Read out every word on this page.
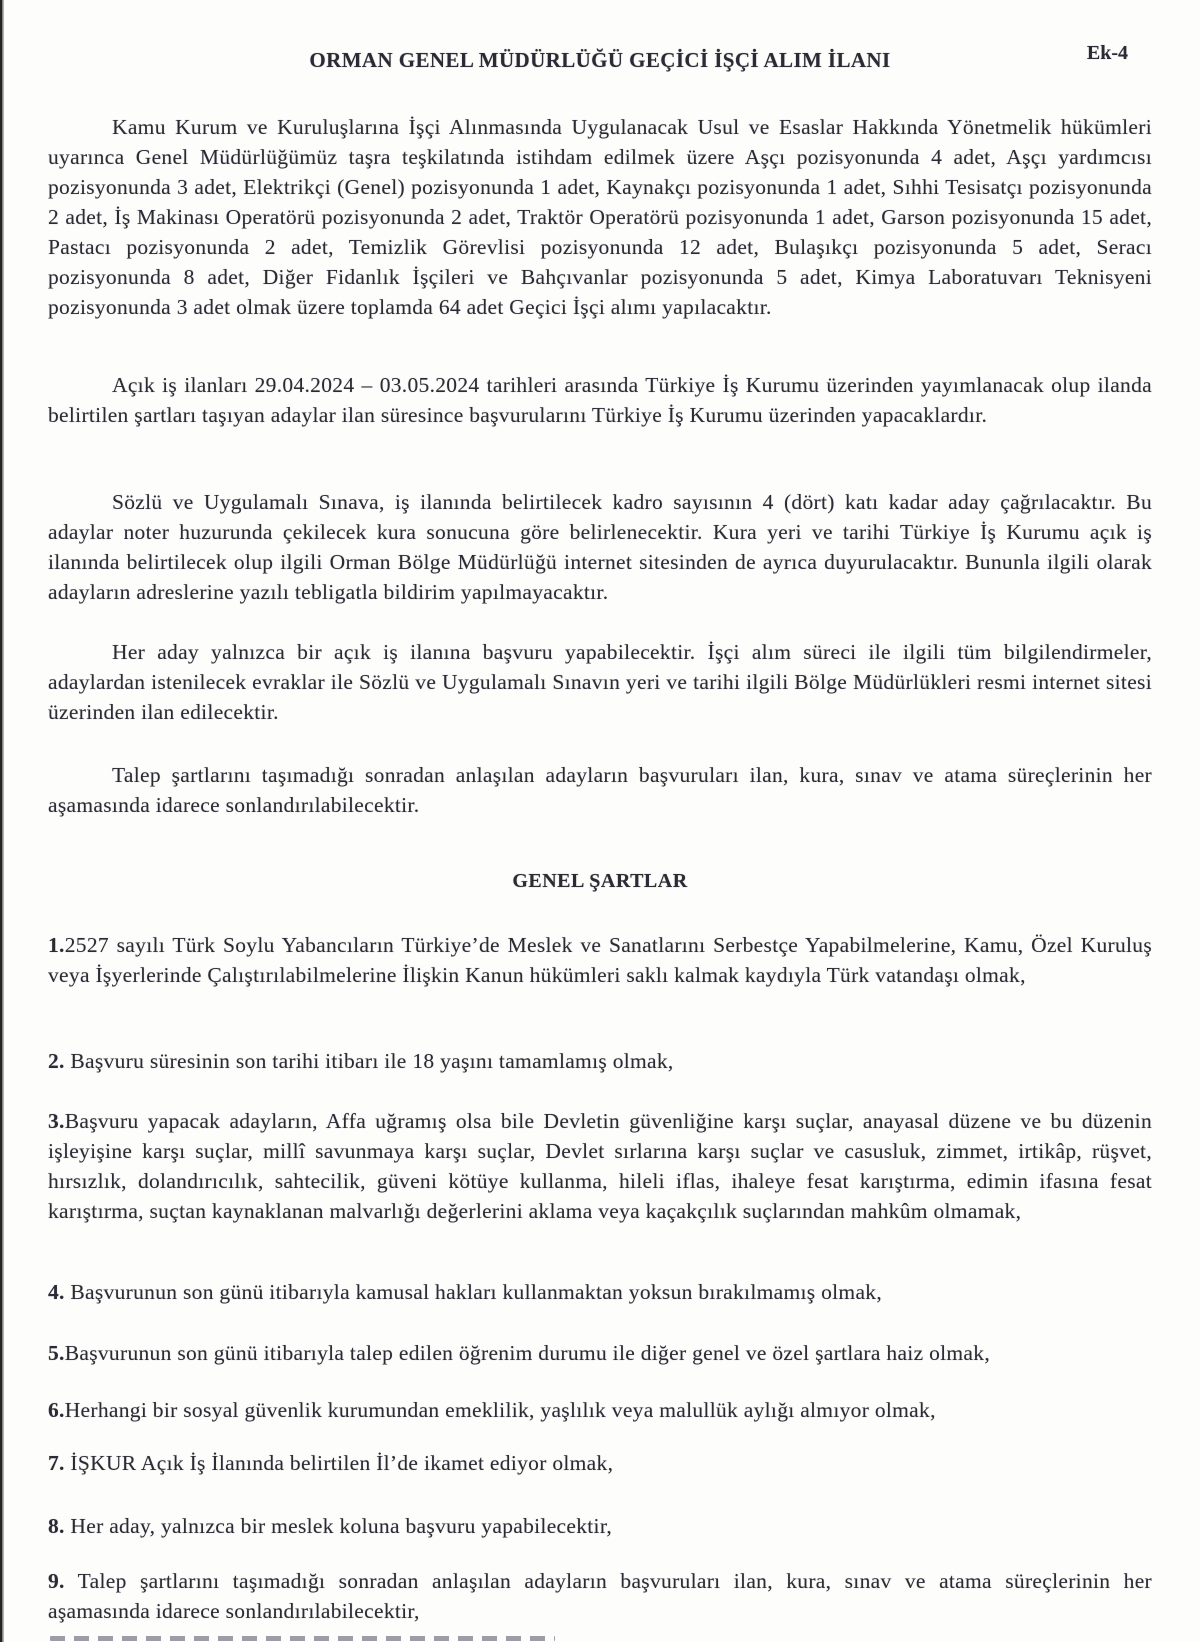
Ek-4
ORMAN GENEL MÜDÜRLÜĞÜ GEÇİCİ İŞÇİ ALIM İLANI

Kamu Kurum ve Kuruluşlarına İşçi Alınmasında Uygulanacak Usul ve Esaslar Hakkında Yönetmelik hükümleri uyarınca Genel Müdürlüğümüz taşra teşkilatında istihdam edilmek üzere Aşçı pozisyonunda 4 adet, Aşçı yardımcısı pozisyonunda 3 adet, Elektrikçi (Genel) pozisyonunda 1 adet, Kaynakçı pozisyonunda 1 adet, Sıhhi Tesisatçı pozisyonunda 2 adet, İş Makinası Operatörü pozisyonunda 2 adet, Traktör Operatörü pozisyonunda 1 adet, Garson pozisyonunda 15 adet, Pastacı pozisyonunda 2 adet, Temizlik Görevlisi pozisyonunda 12 adet, Bulaşıkçı pozisyonunda 5 adet, Seracı pozisyonunda 8 adet, Diğer Fidanlık İşçileri ve Bahçıvanlar pozisyonunda 5 adet, Kimya Laboratuvarı Teknisyeni pozisyonunda 3 adet olmak üzere toplamda 64 adet Geçici İşçi alımı yapılacaktır.

Açık iş ilanları 29.04.2024 – 03.05.2024 tarihleri arasında Türkiye İş Kurumu üzerinden yayımlanacak olup ilanda belirtilen şartları taşıyan adaylar ilan süresince başvurularını Türkiye İş Kurumu üzerinden yapacaklardır.

Sözlü ve Uygulamalı Sınava, iş ilanında belirtilecek kadro sayısının 4 (dört) katı kadar aday çağrılacaktır. Bu adaylar noter huzurunda çekilecek kura sonucuna göre belirlenecektir. Kura yeri ve tarihi Türkiye İş Kurumu açık iş ilanında belirtilecek olup ilgili Orman Bölge Müdürlüğü internet sitesinden de ayrıca duyurulacaktır. Bununla ilgili olarak adayların adreslerine yazılı tebligatla bildirim yapılmayacaktır.

Her aday yalnızca bir açık iş ilanına başvuru yapabilecektir. İşçi alım süreci ile ilgili tüm bilgilendirmeler, adaylardan istenilecek evraklar ile Sözlü ve Uygulamalı Sınavın yeri ve tarihi ilgili Bölge Müdürlükleri resmi internet sitesi üzerinden ilan edilecektir.

Talep şartlarını taşımadığı sonradan anlaşılan adayların başvuruları ilan, kura, sınav ve atama süreçlerinin her aşamasında idarece sonlandırılabilecektir.

GENEL ŞARTLAR

1.2527 sayılı Türk Soylu Yabancıların Türkiye’de Meslek ve Sanatlarını Serbestçe Yapabilmelerine, Kamu, Özel Kuruluş veya İşyerlerinde Çalıştırılabilmelerine İlişkin Kanun hükümleri saklı kalmak kaydıyla Türk vatandaşı olmak,

2. Başvuru süresinin son tarihi itibarı ile 18 yaşını tamamlamış olmak,

3.Başvuru yapacak adayların, Affa uğramış olsa bile Devletin güvenliğine karşı suçlar, anayasal düzene ve bu düzenin işleyişine karşı suçlar, millî savunmaya karşı suçlar, Devlet sırlarına karşı suçlar ve casusluk, zimmet, irtikâp, rüşvet, hırsızlık, dolandırıcılık, sahtecilik, güveni kötüye kullanma, hileli iflas, ihaleye fesat karıştırma, edimin ifasına fesat karıştırma, suçtan kaynaklanan malvarlığı değerlerini aklama veya kaçakçılık suçlarından mahkûm olmamak,

4. Başvurunun son günü itibarıyla kamusal hakları kullanmaktan yoksun bırakılmamış olmak,

5.Başvurunun son günü itibarıyla talep edilen öğrenim durumu ile diğer genel ve özel şartlara haiz olmak,

6.Herhangi bir sosyal güvenlik kurumundan emeklilik, yaşlılık veya malullük aylığı almıyor olmak,

7. İŞKUR Açık İş İlanında belirtilen İl’de ikamet ediyor olmak,

8. Her aday, yalnızca bir meslek koluna başvuru yapabilecektir,

9. Talep şartlarını taşımadığı sonradan anlaşılan adayların başvuruları ilan, kura, sınav ve atama süreçlerinin her aşamasında idarece sonlandırılabilecektir,
